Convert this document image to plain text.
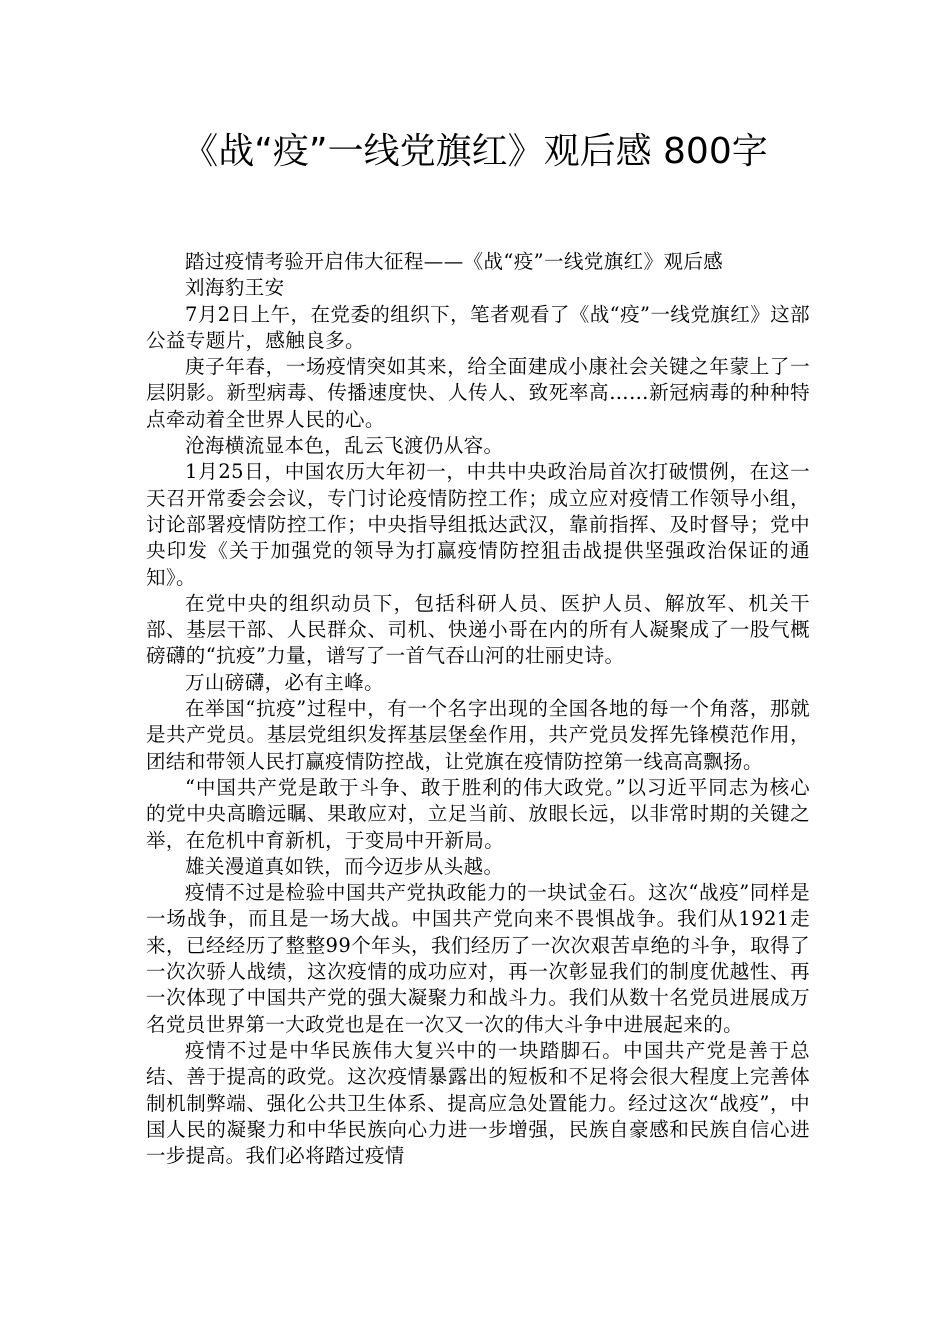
《战“疫”一线党旗红》观后感 800字

踏过疫情考验开启伟大征程——《战“疫”一线党旗红》观后感

刘海豹王安

7月2日上午，在党委的组织下，笔者观看了《战“疫”一线党旗红》这部公益专题片，感触良多。

庚子年春，一场疫情突如其来，给全面建成小康社会关键之年蒙上了一层阴影。新型病毒、传播速度快、人传人、致死率高……新冠病毒的种种特点牵动着全世界人民的心。

沧海横流显本色，乱云飞渡仍从容。

1月25日，中国农历大年初一，中共中央政治局首次打破惯例，在这一天召开常委会会议，专门讨论疫情防控工作；成立应对疫情工作领导小组，讨论部署疫情防控工作；中央指导组抵达武汉，靠前指挥、及时督导；党中央印发《关于加强党的领导为打赢疫情防控狙击战提供坚强政治保证的通知》。

在党中央的组织动员下，包括科研人员、医护人员、解放军、机关干部、基层干部、人民群众、司机、快递小哥在内的所有人凝聚成了一股气概磅礴的“抗疫”力量，谱写了一首气吞山河的壮丽史诗。

万山磅礴，必有主峰。

在举国“抗疫”过程中，有一个名字出现的全国各地的每一个角落，那就是共产党员。基层党组织发挥基层堡垒作用，共产党员发挥先锋模范作用，团结和带领人民打赢疫情防控战，让党旗在疫情防控第一线高高飘扬。

“中国共产党是敢于斗争、敢于胜利的伟大政党。”以习近平同志为核心的党中央高瞻远瞩、果敢应对，立足当前、放眼长远，以非常时期的关键之举，在危机中育新机，于变局中开新局。

雄关漫道真如铁，而今迈步从头越。

疫情不过是检验中国共产党执政能力的一块试金石。这次“战疫”同样是一场战争，而且是一场大战。中国共产党向来不畏惧战争。我们从1921走来，已经经历了整整99个年头，我们经历了一次次艰苦卓绝的斗争，取得了一次次骄人战绩，这次疫情的成功应对，再一次彰显我们的制度优越性、再一次体现了中国共产党的强大凝聚力和战斗力。我们从数十名党员进展成万名党员世界第一大政党也是在一次又一次的伟大斗争中进展起来的。

疫情不过是中华民族伟大复兴中的一块踏脚石。中国共产党是善于总结、善于提高的政党。这次疫情暴露出的短板和不足将会很大程度上完善体制机制弊端、强化公共卫生体系、提高应急处置能力。经过这次“战疫”，中国人民的凝聚力和中华民族向心力进一步增强，民族自豪感和民族自信心进一步提高。我们必将踏过疫情
